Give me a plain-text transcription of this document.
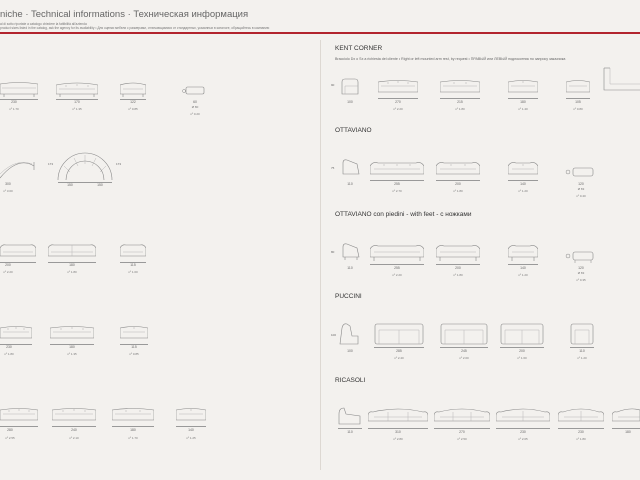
niche · Technical informations · Техническая информация
al di sotto riportate a catalogo chiedere la fattibilità all'azienda
product sizes listed in the catalog, ask the agency for its availability • Для оценки мебели с размерами, отличающимися от стандартных, указанных в каталоге, обращайтесь в компанию
230
nº 1.70
170
nº 1.35
122
nº 0.85
60
Ø 80
nº 0.20
300
nº 3.00
173	173
150	150
200
nº 2.20
180
nº 1.80
115
nº 1.00
230
nº 1.80
180
nº 1.35
115
nº 0.85
280
nº 2.55
240
nº 2.10
180
nº 1.70
140
nº 1.25
KENT CORNER
Bracciolo Dx o Sx a richiesta del cliente • Right or left mounted arm rest, by request • ПРАВЫЙ или ЛЕВЫЙ подлокотник по запросу заказчика
90
100	270
nº 2.20
215
nº 1.80
180
nº 1.40
105
nº 0.80
OTTAVIANO
75
110	255
nº 2.70
200
nº 1.80
140
nº 1.20
120
Ø 83
nº 0.40
OTTAVIANO con piedini - with feet - с ножками
80
110	255
nº 2.20
200
nº 1.80
140
nº 1.20
120
Ø 83
nº 0.35
PUCCINI
100
100	285
nº 2.40
245
nº 2.00
200
nº 1.60
110
nº 1.20
RICASOLI
110	310
nº 2.80
270
nº 2.50
230
nº 2.05
230
nº 1.80
180
